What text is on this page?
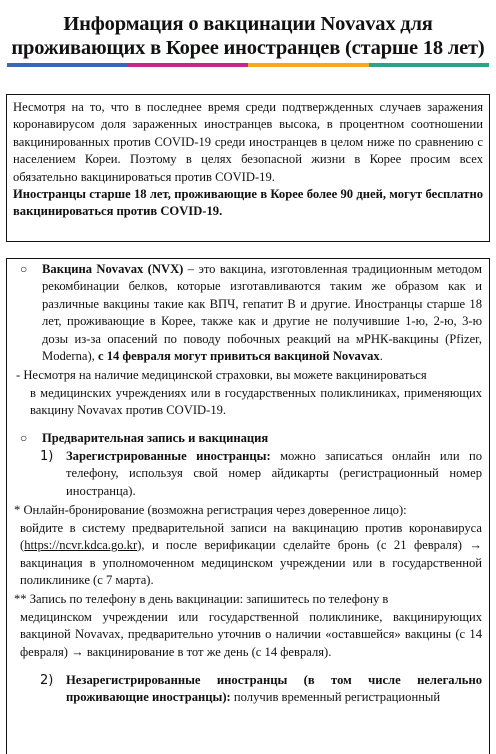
Информация о вакцинации Novavax для
проживающих в Корее иностранцев (старше 18 лет)
Несмотря на то, что в последнее время среди подтвержденных случаев заражения коронавирусом доля зараженных иностранцев высока, в процентном соотношении вакцинированных против COVID-19 среди иностранцев в целом ниже по сравнению с населением Кореи. Поэтому в целях безопасной жизни в Корее просим всех обязательно вакцинироваться против COVID-19.
Иностранцы старше 18 лет, проживающие в Корее более 90 дней, могут бесплатно вакцинироваться против COVID-19.
○ Вакцина Novavax (NVX) – это вакцина, изготовленная традиционным методом рекомбинации белков, которые изготавливаются таким же образом как и различные вакцины такие как ВПЧ, гепатит B и другие. Иностранцы старше 18 лет, проживающие в Корее, также как и другие не получившие 1-ю, 2-ю, 3-ю дозы из-за опасений по поводу побочных реакций на мРНК-вакцины (Pfizer, Moderna), с 14 февраля могут привиться вакциной Novavax.
- Несмотря на наличие медицинской страховки, вы можете вакцинироваться
в медицинских учреждениях или в государственных поликлиниках, применяющих вакцину Novavax против COVID-19.
○ Предварительная запись и вакцинация
1) Зарегистрированные иностранцы: можно записаться онлайн или по телефону, используя свой номер айдикарты (регистрационный номер иностранца).
* Онлайн-бронирование (возможна регистрация через доверенное лицо):
войдите в систему предварительной записи на вакцинацию против коронавируса (https://ncvr.kdca.go.kr), и после верификации сделайте бронь (с 21 февраля) → вакцинация в уполномоченном медицинском учреждении или в государственной поликлинике (с 7 марта).
** Запись по телефону в день вакцинации: запишитесь по телефону в
медицинском учреждении или государственной поликлинике, вакцинирующих вакциной Novavax, предварительно уточнив о наличии «оставшейся» вакцины (с 14 февраля) → вакцинирование в тот же день (с 14 февраля).
2) Незарегистрированные иностранцы (в том числе нелегально проживающие иностранцы): получив временный регистрационный
